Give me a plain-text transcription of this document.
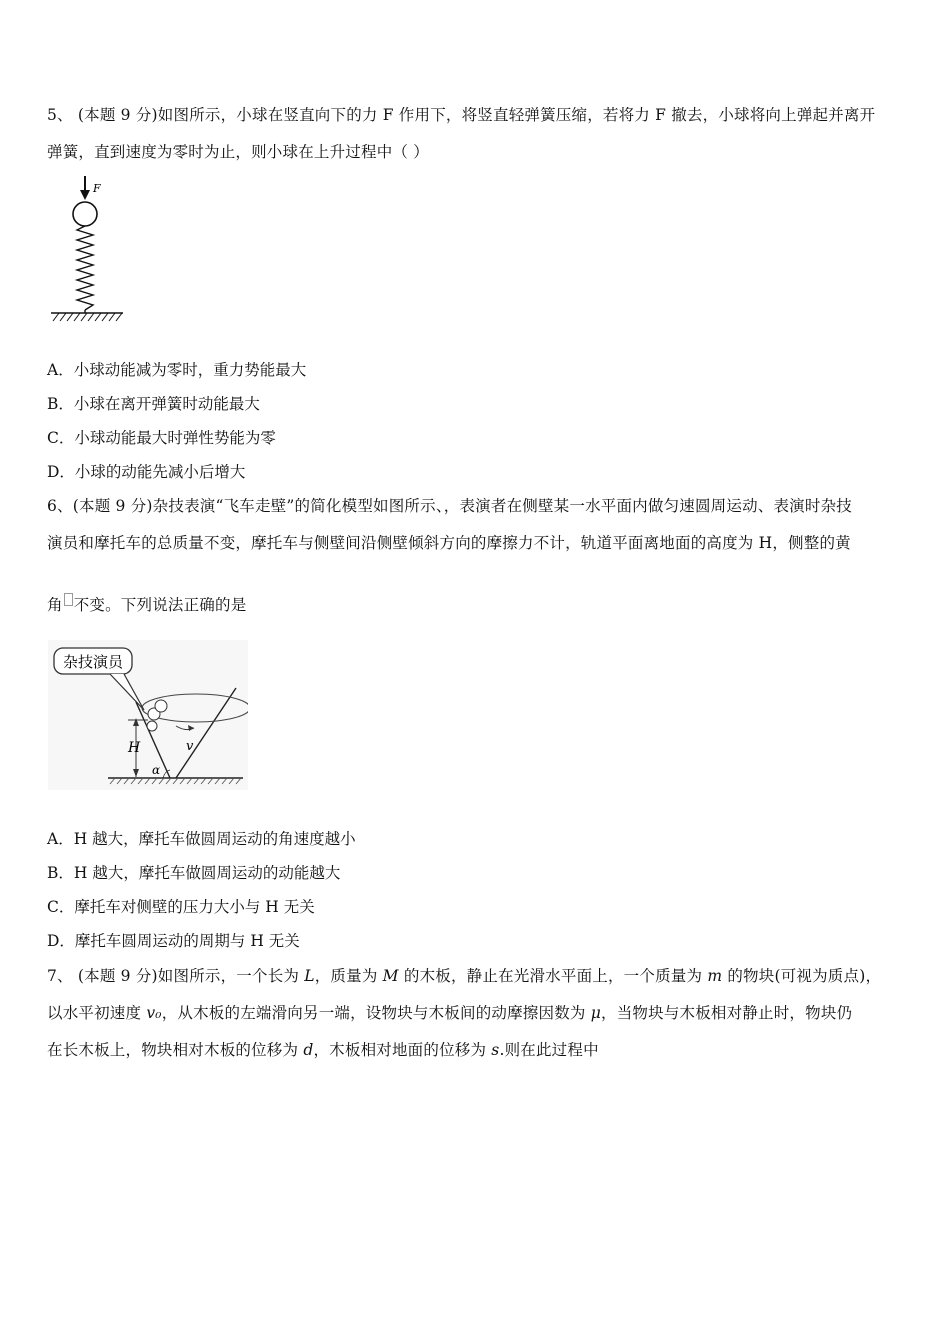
5、 (本题 9 分)如图所示，小球在竖直向下的力 F 作用下，将竖直轻弹簧压缩，若将力 F 撤去，小球将向上弹起并离开
弹簧，直到速度为零时为止，则小球在上升过程中（ ）
F
A．小球动能减为零时，重力势能最大
B．小球在离开弹簧时动能最大
C．小球动能最大时弹性势能为零
D．小球的动能先减小后增大
6、(本题 9 分)杂技表演“飞车走壁”的简化模型如图所示、，表演者在侧壁某一水平面内做匀速圆周运动、表演时杂技
演员和摩托车的总质量不变，摩托车与侧壁间沿侧壁倾斜方向的摩擦力不计，轨道平面离地面的高度为 H，侧整的黄
角 不变。下列说法正确的是
杂技演员
v
H
α
A．H 越大，摩托车做圆周运动的角速度越小
B．H 越大，摩托车做圆周运动的动能越大
C．摩托车对侧壁的压力大小与 H 无关
D．摩托车圆周运动的周期与 H 无关
7、 (本题 9 分)如图所示，一个长为 L，质量为 M 的木板，静止在光滑水平面上，一个质量为 m 的物块(可视为质点)，
以水平初速度 v₀，从木板的左端滑向另一端，设物块与木板间的动摩擦因数为 μ，当物块与木板相对静止时，物块仍
在长木板上，物块相对木板的位移为 d，木板相对地面的位移为 s.则在此过程中
